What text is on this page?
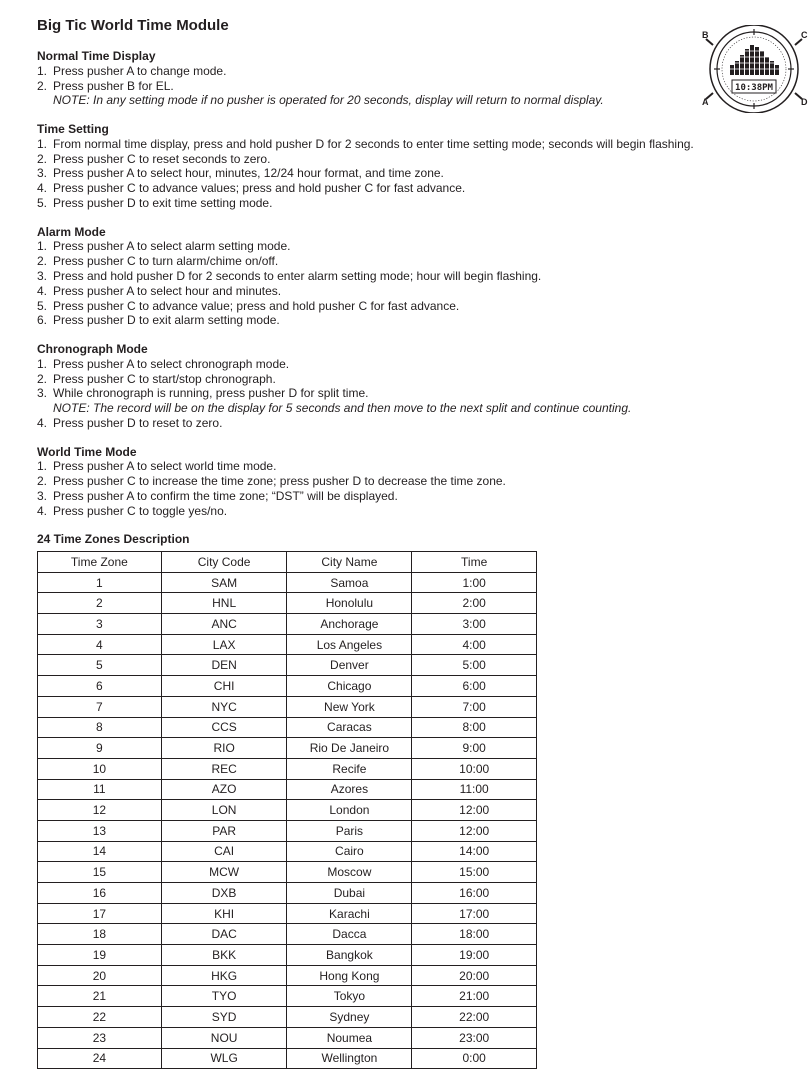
Big Tic World Time Module
Normal Time Display
1. Press pusher A to change mode.
2. Press pusher B for EL.
NOTE: In any setting mode if no pusher is operated for 20 seconds, display will return to normal display.
Time Setting
1. From normal time display, press and hold pusher D for 2 seconds to enter time setting mode; seconds will begin flashing.
2. Press pusher C to reset seconds to zero.
3. Press pusher A to select hour, minutes, 12/24 hour format, and time zone.
4. Press pusher C to advance values; press and hold pusher C for fast advance.
5. Press pusher D to exit time setting mode.
Alarm Mode
1. Press pusher A to select alarm setting mode.
2. Press pusher C to turn alarm/chime on/off.
3. Press and hold pusher D for 2 seconds to enter alarm setting mode; hour will begin flashing.
4. Press pusher A to select hour and minutes.
5. Press pusher C to advance value; press and hold pusher C for fast advance.
6. Press pusher D to exit alarm setting mode.
Chronograph Mode
1. Press pusher A to select chronograph mode.
2. Press pusher C to start/stop chronograph.
3. While chronograph is running, press pusher D for split time.
NOTE: The record will be on the display for 5 seconds and then move to the next split and continue counting.
4. Press pusher D to reset to zero.
World Time Mode
1. Press pusher A to select world time mode.
2. Press pusher C to increase the time zone; press pusher D to decrease the time zone.
3. Press pusher A to confirm the time zone; “DST” will be displayed.
4. Press pusher C to toggle yes/no.
24 Time Zones Description
Time Zone	City Code	City Name	Time
1	SAM	Samoa	1:00
2	HNL	Honolulu	2:00
3	ANC	Anchorage	3:00
4	LAX	Los Angeles	4:00
5	DEN	Denver	5:00
6	CHI	Chicago	6:00
7	NYC	New York	7:00
8	CCS	Caracas	8:00
9	RIO	Rio De Janeiro	9:00
10	REC	Recife	10:00
11	AZO	Azores	11:00
12	LON	London	12:00
13	PAR	Paris	12:00
14	CAI	Cairo	14:00
15	MCW	Moscow	15:00
16	DXB	Dubai	16:00
17	KHI	Karachi	17:00
18	DAC	Dacca	18:00
19	BKK	Bangkok	19:00
20	HKG	Hong Kong	20:00
21	TYO	Tokyo	21:00
22	SYD	Sydney	22:00
23	NOU	Noumea	23:00
24	WLG	Wellington	0:00
10:38PM
B	C
A	D
